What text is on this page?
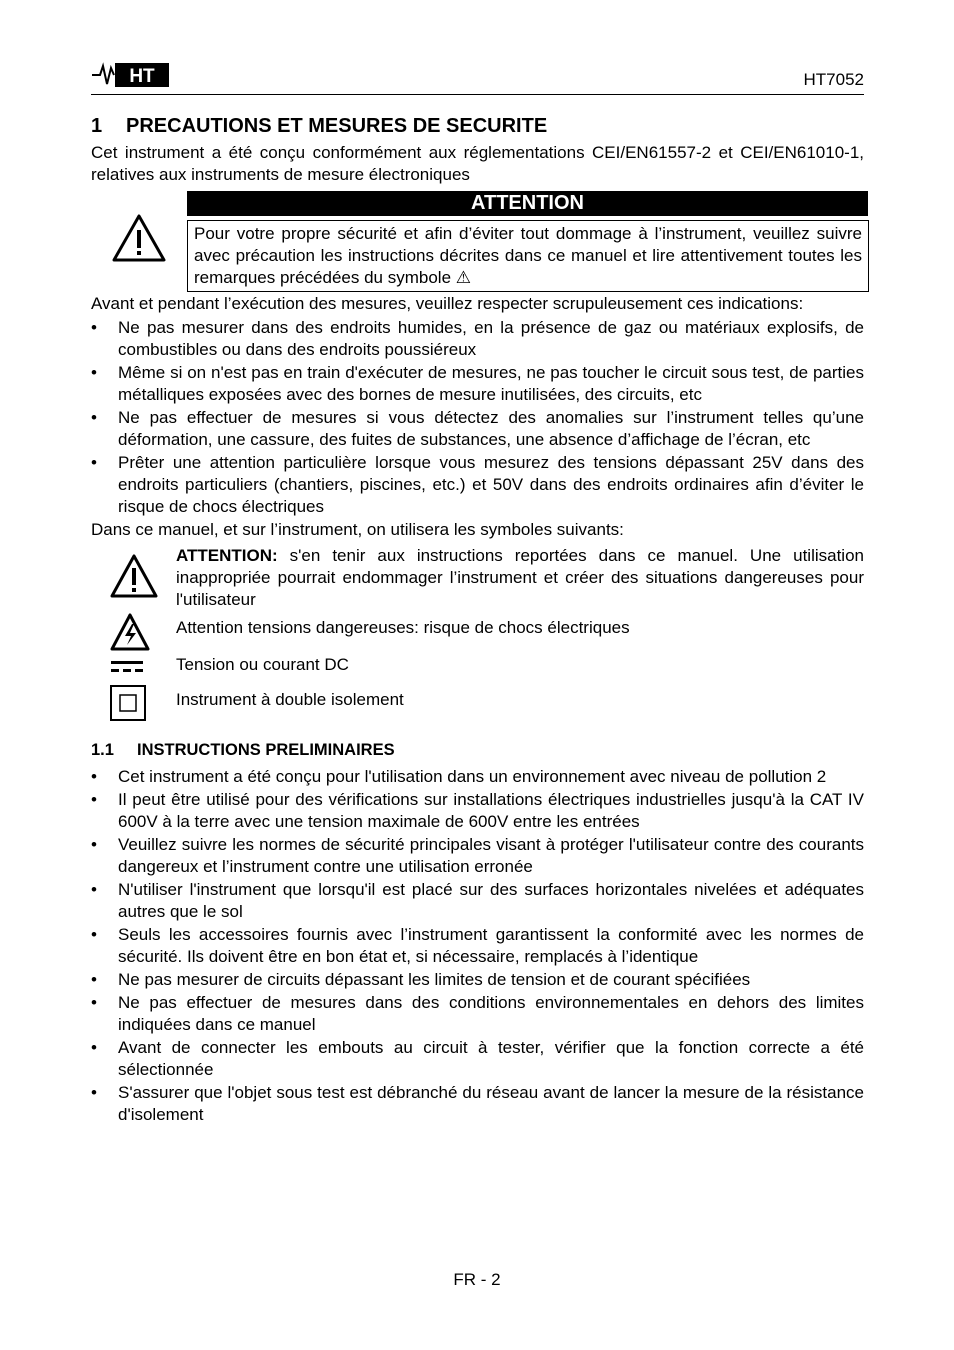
HT	HT7052
1 PRECAUTIONS ET MESURES DE SECURITE

Cet instrument a été conçu conformément aux réglementations CEI/EN61557-2 et CEI/EN61010-1, relatives aux instruments de mesure électroniques

ATTENTION
Pour votre propre sécurité et afin d’éviter tout dommage à l’instrument, veuillez suivre avec précaution les instructions décrites dans ce manuel et lire attentivement toutes les remarques précédées du symbole ⚠

Avant et pendant l’exécution des mesures, veuillez respecter scrupuleusement ces indications:

• Ne pas mesurer dans des endroits humides, en la présence de gaz ou matériaux explosifs, de combustibles ou dans des endroits poussiéreux
• Même si on n'est pas en train d'exécuter de mesures, ne pas toucher le circuit sous test, de parties métalliques exposées avec des bornes de mesure inutilisées, des circuits, etc
• Ne pas effectuer de mesures si vous détectez des anomalies sur l’instrument telles qu’une déformation, une cassure, des fuites de substances, une absence d’affichage de l’écran, etc
• Prêter une attention particulière lorsque vous mesurez des tensions dépassant 25V dans des endroits particuliers (chantiers, piscines, etc.) et 50V dans des endroits ordinaires afin d’éviter le risque de chocs électriques

Dans ce manuel, et sur l’instrument, on utilisera les symboles suivants:

ATTENTION: s'en tenir aux instructions reportées dans ce manuel. Une utilisation inappropriée pourrait endommager l’instrument et créer des situations dangereuses pour l'utilisateur
Attention tensions dangereuses: risque de chocs électriques
Tension ou courant DC
Instrument à double isolement
1.1 INSTRUCTIONS PRELIMINAIRES
• Cet instrument a été conçu pour l'utilisation dans un environnement avec niveau de pollution 2
• Il peut être utilisé pour des vérifications sur installations électriques industrielles jusqu'à la CAT IV 600V à la terre avec une tension maximale de 600V entre les entrées
• Veuillez suivre les normes de sécurité principales visant à protéger l'utilisateur contre des courants dangereux et l’instrument contre une utilisation erronée
• N'utiliser l'instrument que lorsqu'il est placé sur des surfaces horizontales nivelées et adéquates autres que le sol
• Seuls les accessoires fournis avec l’instrument garantissent la conformité avec les normes de sécurité. Ils doivent être en bon état et, si nécessaire, remplacés à l’identique
• Ne pas mesurer de circuits dépassant les limites de tension et de courant spécifiées
• Ne pas effectuer de mesures dans des conditions environnementales en dehors des limites indiquées dans ce manuel
• Avant de connecter les embouts au circuit à tester, vérifier que la fonction correcte a été sélectionnée
• S'assurer que l'objet sous test est débranché du réseau avant de lancer la mesure de la résistance d'isolement
FR - 2
